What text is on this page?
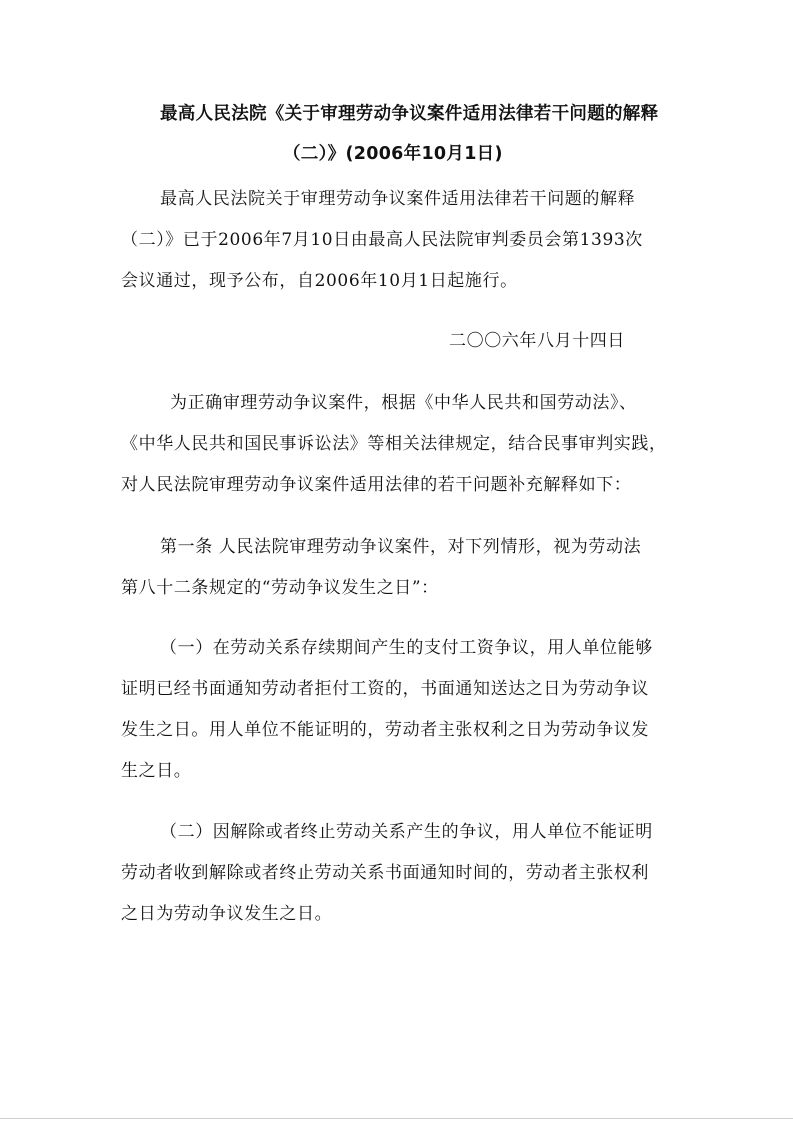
最高人民法院《关于审理劳动争议案件适用法律若干问题的解释
（二）》(2006年10月1日)
最高人民法院关于审理劳动争议案件适用法律若干问题的解释
（二）》已于2006年7月10日由最高人民法院审判委员会第1393次
会议通过，现予公布，自2006年10月1日起施行。
二〇〇六年八月十四日
为正确审理劳动争议案件，根据《中华人民共和国劳动法》、
《中华人民共和国民事诉讼法》等相关法律规定，结合民事审判实践，
对人民法院审理劳动争议案件适用法律的若干问题补充解释如下：
第一条 人民法院审理劳动争议案件，对下列情形，视为劳动法
第八十二条规定的“劳动争议发生之日”：
（一）在劳动关系存续期间产生的支付工资争议，用人单位能够
证明已经书面通知劳动者拒付工资的，书面通知送达之日为劳动争议
发生之日。用人单位不能证明的，劳动者主张权利之日为劳动争议发
生之日。
（二）因解除或者终止劳动关系产生的争议，用人单位不能证明
劳动者收到解除或者终止劳动关系书面通知时间的，劳动者主张权利
之日为劳动争议发生之日。
